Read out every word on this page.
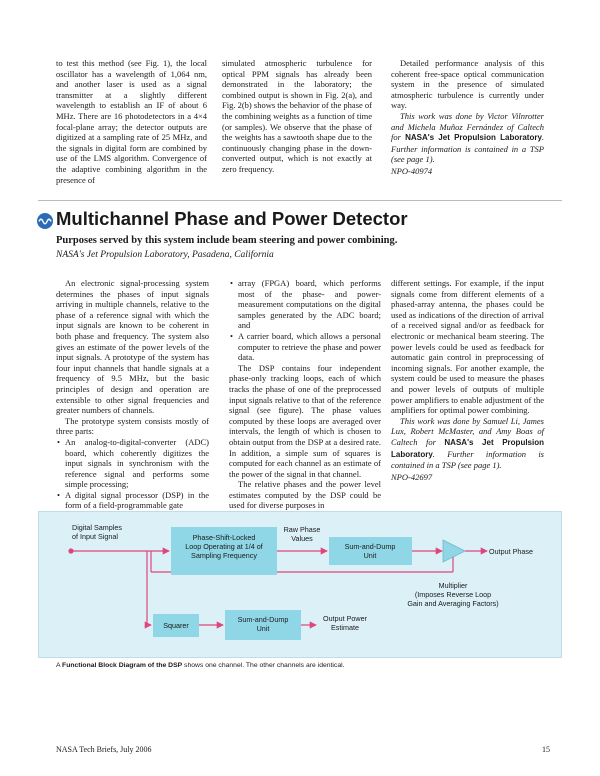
to test this method (see Fig. 1), the local oscillator has a wavelength of 1,064 nm, and another laser is used as a signal transmitter at a slightly different wavelength to establish an IF of about 6 MHz. There are 16 photodetectors in a 4×4 focal-plane array; the detector outputs are digitized at a sampling rate of 25 MHz, and the signals in digital form are combined by use of the LMS algorithm. Convergence of the adaptive combining algorithm in the presence of

simulated atmospheric turbulence for optical PPM signals has already been demonstrated in the laboratory; the combined output is shown in Fig. 2(a), and Fig. 2(b) shows the behavior of the phase of the combining weights as a function of time (or samples). We observe that the phase of the weights has a sawtooth shape due to the continuously changing phase in the down-converted output, which is not exactly at zero frequency.

Detailed performance analysis of this coherent free-space optical communication system in the presence of simulated atmospheric turbulence is currently under way.

This work was done by Victor Vilnrotter and Michela Muñoz Fernández of Caltech for NASA's Jet Propulsion Laboratory. Further information is contained in a TSP (see page 1).

NPO-40974

Multichannel Phase and Power Detector
Purposes served by this system include beam steering and power combining.
NASA's Jet Propulsion Laboratory, Pasadena, California

An electronic signal-processing system determines the phases of input signals arriving in multiple channels, relative to the phase of a reference signal with which the input signals are known to be coherent in both phase and frequency. The system also gives an estimate of the power levels of the input signals. A prototype of the system has four input channels that handle signals at a frequency of 9.5 MHz, but the basic principles of design and operation are extensible to other signal frequencies and greater numbers of channels.

The prototype system consists mostly of three parts:

• An analog-to-digital-converter (ADC) board, which coherently digitizes the input signals in synchronism with the reference signal and performs some simple processing;
• A digital signal processor (DSP) in the form of a field-programmable gate
• array (FPGA) board, which performs most of the phase- and power-measurement computations on the digital samples generated by the ADC board; and
• A carrier board, which allows a personal computer to retrieve the phase and power data.

The DSP contains four independent phase-only tracking loops, each of which tracks the phase of one of the preprocessed input signals relative to that of the reference signal (see figure). The phase values computed by these loops are averaged over intervals, the length of which is chosen to obtain output from the DSP at a desired rate. In addition, a simple sum of squares is computed for each channel as an estimate of the power of the signal in that channel.

The relative phases and the power level estimates computed by the DSP could be used for diverse purposes in

different settings. For example, if the input signals come from different elements of a phased-array antenna, the phases could be used as indications of the direction of arrival of a received signal and/or as feedback for electronic or mechanical beam steering. The power levels could be used as feedback for automatic gain control in preprocessing of incoming signals. For another example, the system could be used to measure the phases and power levels of outputs of multiple power amplifiers to enable adjustment of the amplifiers for optimal power combining.

This work was done by Samuel Li, James Lux, Robert McMaster, and Amy Boas of Caltech for NASA's Jet Propulsion Laboratory. Further information is contained in a TSP (see page 1).

NPO-42697

Digital Samples
of Input Signal	Phase-Shift-Locked
Loop Operating at 1/4 of
Sampling Frequency
Raw Phase
Values
Sum-and-Dump
Unit	Output Phase
Multiplier
(Imposes Reverse Loop
Gain and Averaging Factors)
Squarer
Sum-and-Dump
Unit
Output Power
Estimate
A Functional Block Diagram of the DSP shows one channel. The other channels are identical.
NASA Tech Briefs, July 2006	15
